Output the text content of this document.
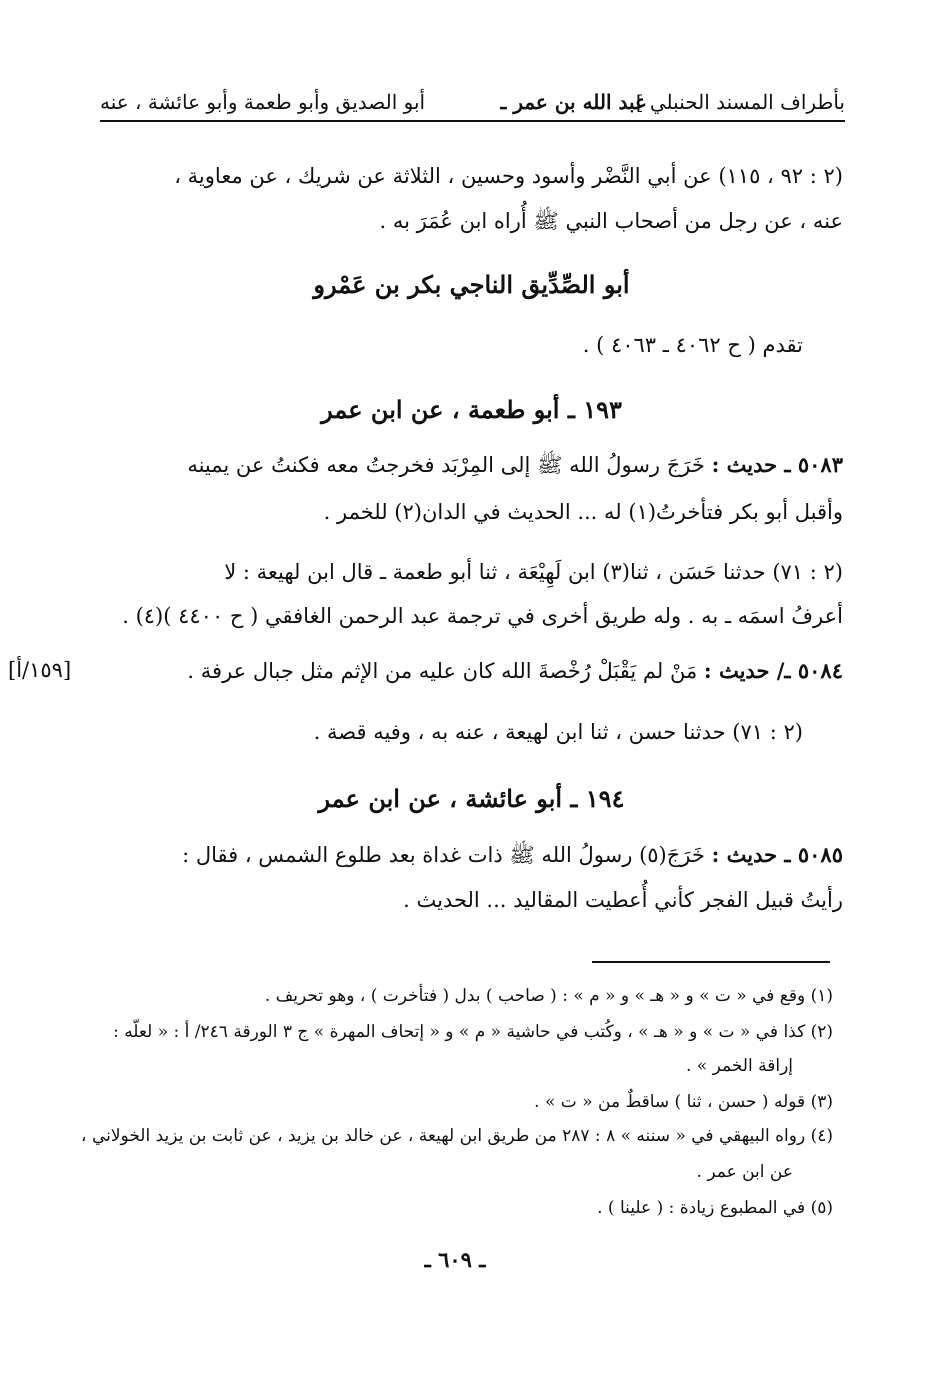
بأطراف المسند الحنبلي ]
عبد الله بن عمر ـ
أبو الصديق وأبو طعمة وأبو عائشة ، عنه
(٢ : ٩٢ ، ١١٥) عن أبي النَّضْر وأسود وحسين ، الثلاثة عن شريك ، عن معاوية ،
عنه ، عن رجل من أصحاب النبي ﷺ أُراه ابن عُمَرَ به .
أبو الصِّدِّيق الناجي بكر بن عَمْرو
تقدم ( ح ٤٠٦٢ ـ ٤٠٦٣ ) .
١٩٣ ـ أبو طعمة ، عن ابن عمر
٥٠٨٣ ـ حديث : خَرَجَ رسولُ الله ﷺ إلى المِرْبَد فخرجتُ معه فكنتُ عن يمينه
وأقبل أبو بكر فتأخرتُ(١) له ... الحديث في الدان(٢) للخمر .
(٢ : ٧١) حدثنا حَسَن ، ثنا(٣) ابن لَهِيْعَة ، ثنا أبو طعمة ـ قال ابن لهيعة : لا
أعرفُ اسمَه ـ به . وله طريق أخرى في ترجمة عبد الرحمن الغافقي ( ح ٤٤٠٠ )(٤) .
٥٠٨٤ ـ/ حديث : مَنْ لم يَقْبَلْ رُخْصةَ الله كان عليه من الإثم مثل جبال عرفة .
[١٥٩/أ]
(٢ : ٧١) حدثنا حسن ، ثنا ابن لهيعة ، عنه به ، وفيه قصة .
١٩٤ ـ أبو عائشة ، عن ابن عمر
٥٠٨٥ ـ حديث : خَرَجَ(٥) رسولُ الله ﷺ ذات غداة بعد طلوع الشمس ، فقال :
رأيتُ قبيل الفجر كأني أُعطيت المقاليد ... الحديث .
(١) وقع في « ت » و « هـ » و « م » : ( صاحب ) بدل ( فتأخرت ) ، وهو تحريف .
(٢) كذا في « ت » و « هـ » ، وكُتب في حاشية « م » و « إتحاف المهرة » ج ٣ الورقة ٢٤٦/ أ : « لعلّه :
إراقة الخمر » .
(٣) قوله ( حسن ، ثنا ) ساقطٌ من « ت » .
(٤) رواه البيهقي في « سننه » ٨ : ٢٨٧ من طريق ابن لهيعة ، عن خالد بن يزيد ، عن ثابت بن يزيد الخولاني ،
عن ابن عمر .
(٥) في المطبوع زيادة : ( علينا ) .
ـ ٦٠٩ ـ
